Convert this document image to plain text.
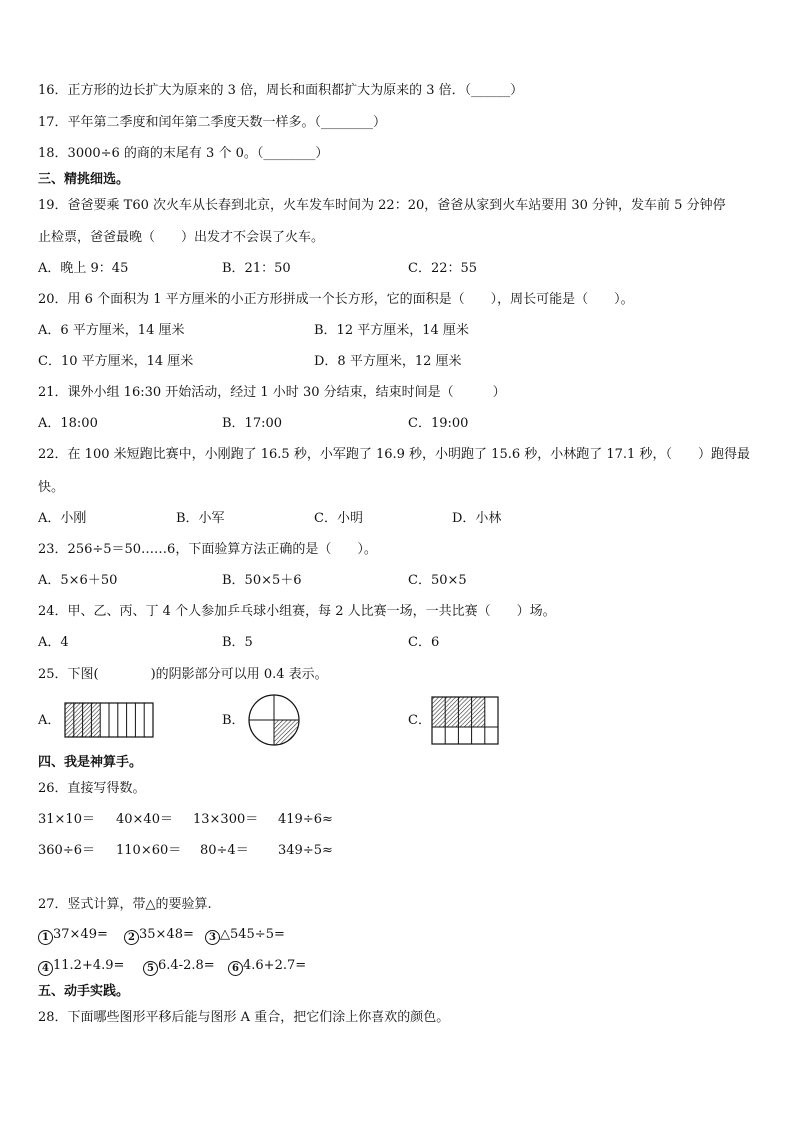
16．正方形的边长扩大为原来的 3 倍，周长和面积都扩大为原来的 3 倍．（______）
17．平年第二季度和闰年第二季度天数一样多。（________）
18．3000÷6 的商的末尾有 3 个 0。（________）
三、精挑细选。
19．爸爸要乘 T60 次火车从长春到北京，火车发车时间为 22：20，爸爸从家到火车站要用 30 分钟，发车前 5 分钟停
止检票，爸爸最晚（　　）出发才不会误了火车。
A．晚上 9：45	B．21：50	C．22：55
20．用 6 个面积为 1 平方厘米的小正方形拼成一个长方形，它的面积是（　　），周长可能是（　　）。
A．6 平方厘米，14 厘米	B．12 平方厘米，14 厘米
C．10 平方厘米，14 厘米	D．8 平方厘米，12 厘米
21．课外小组 16:30 开始活动，经过 1 小时 30 分结束，结束时间是（　　　）
A．18:00	B．17:00	C．19:00
22．在 100 米短跑比赛中，小刚跑了 16.5 秒，小军跑了 16.9 秒，小明跑了 15.6 秒，小林跑了 17.1 秒，（　　）跑得最
快。
A．小刚	B．小军	C．小明	D．小林
23．256÷5＝50……6，下面验算方法正确的是（　　）。
A．5×6＋50	B．50×5＋6	C．50×5
24．甲、乙、丙、丁 4 个人参加乒乓球小组赛，每 2 人比赛一场，一共比赛（　　）场。
A．4	B．5	C．6
25．下图(　　　　)的阴影部分可以用 0.4 表示。
A．	B．	C．
四、我是神算手。
26．直接写得数。
31×10＝ 40×40＝ 13×300＝ 419÷6≈
360÷6＝ 110×60＝ 80÷4＝ 349÷5≈
27．竖式计算，带△的要验算.
1 37×49=	2 35×48=	3 △545÷5=
4 11.2+4.9=	5 6.4-2.8=	6 4.6+2.7=
五、动手实践。
28．下面哪些图形平移后能与图形 A 重合，把它们涂上你喜欢的颜色。
